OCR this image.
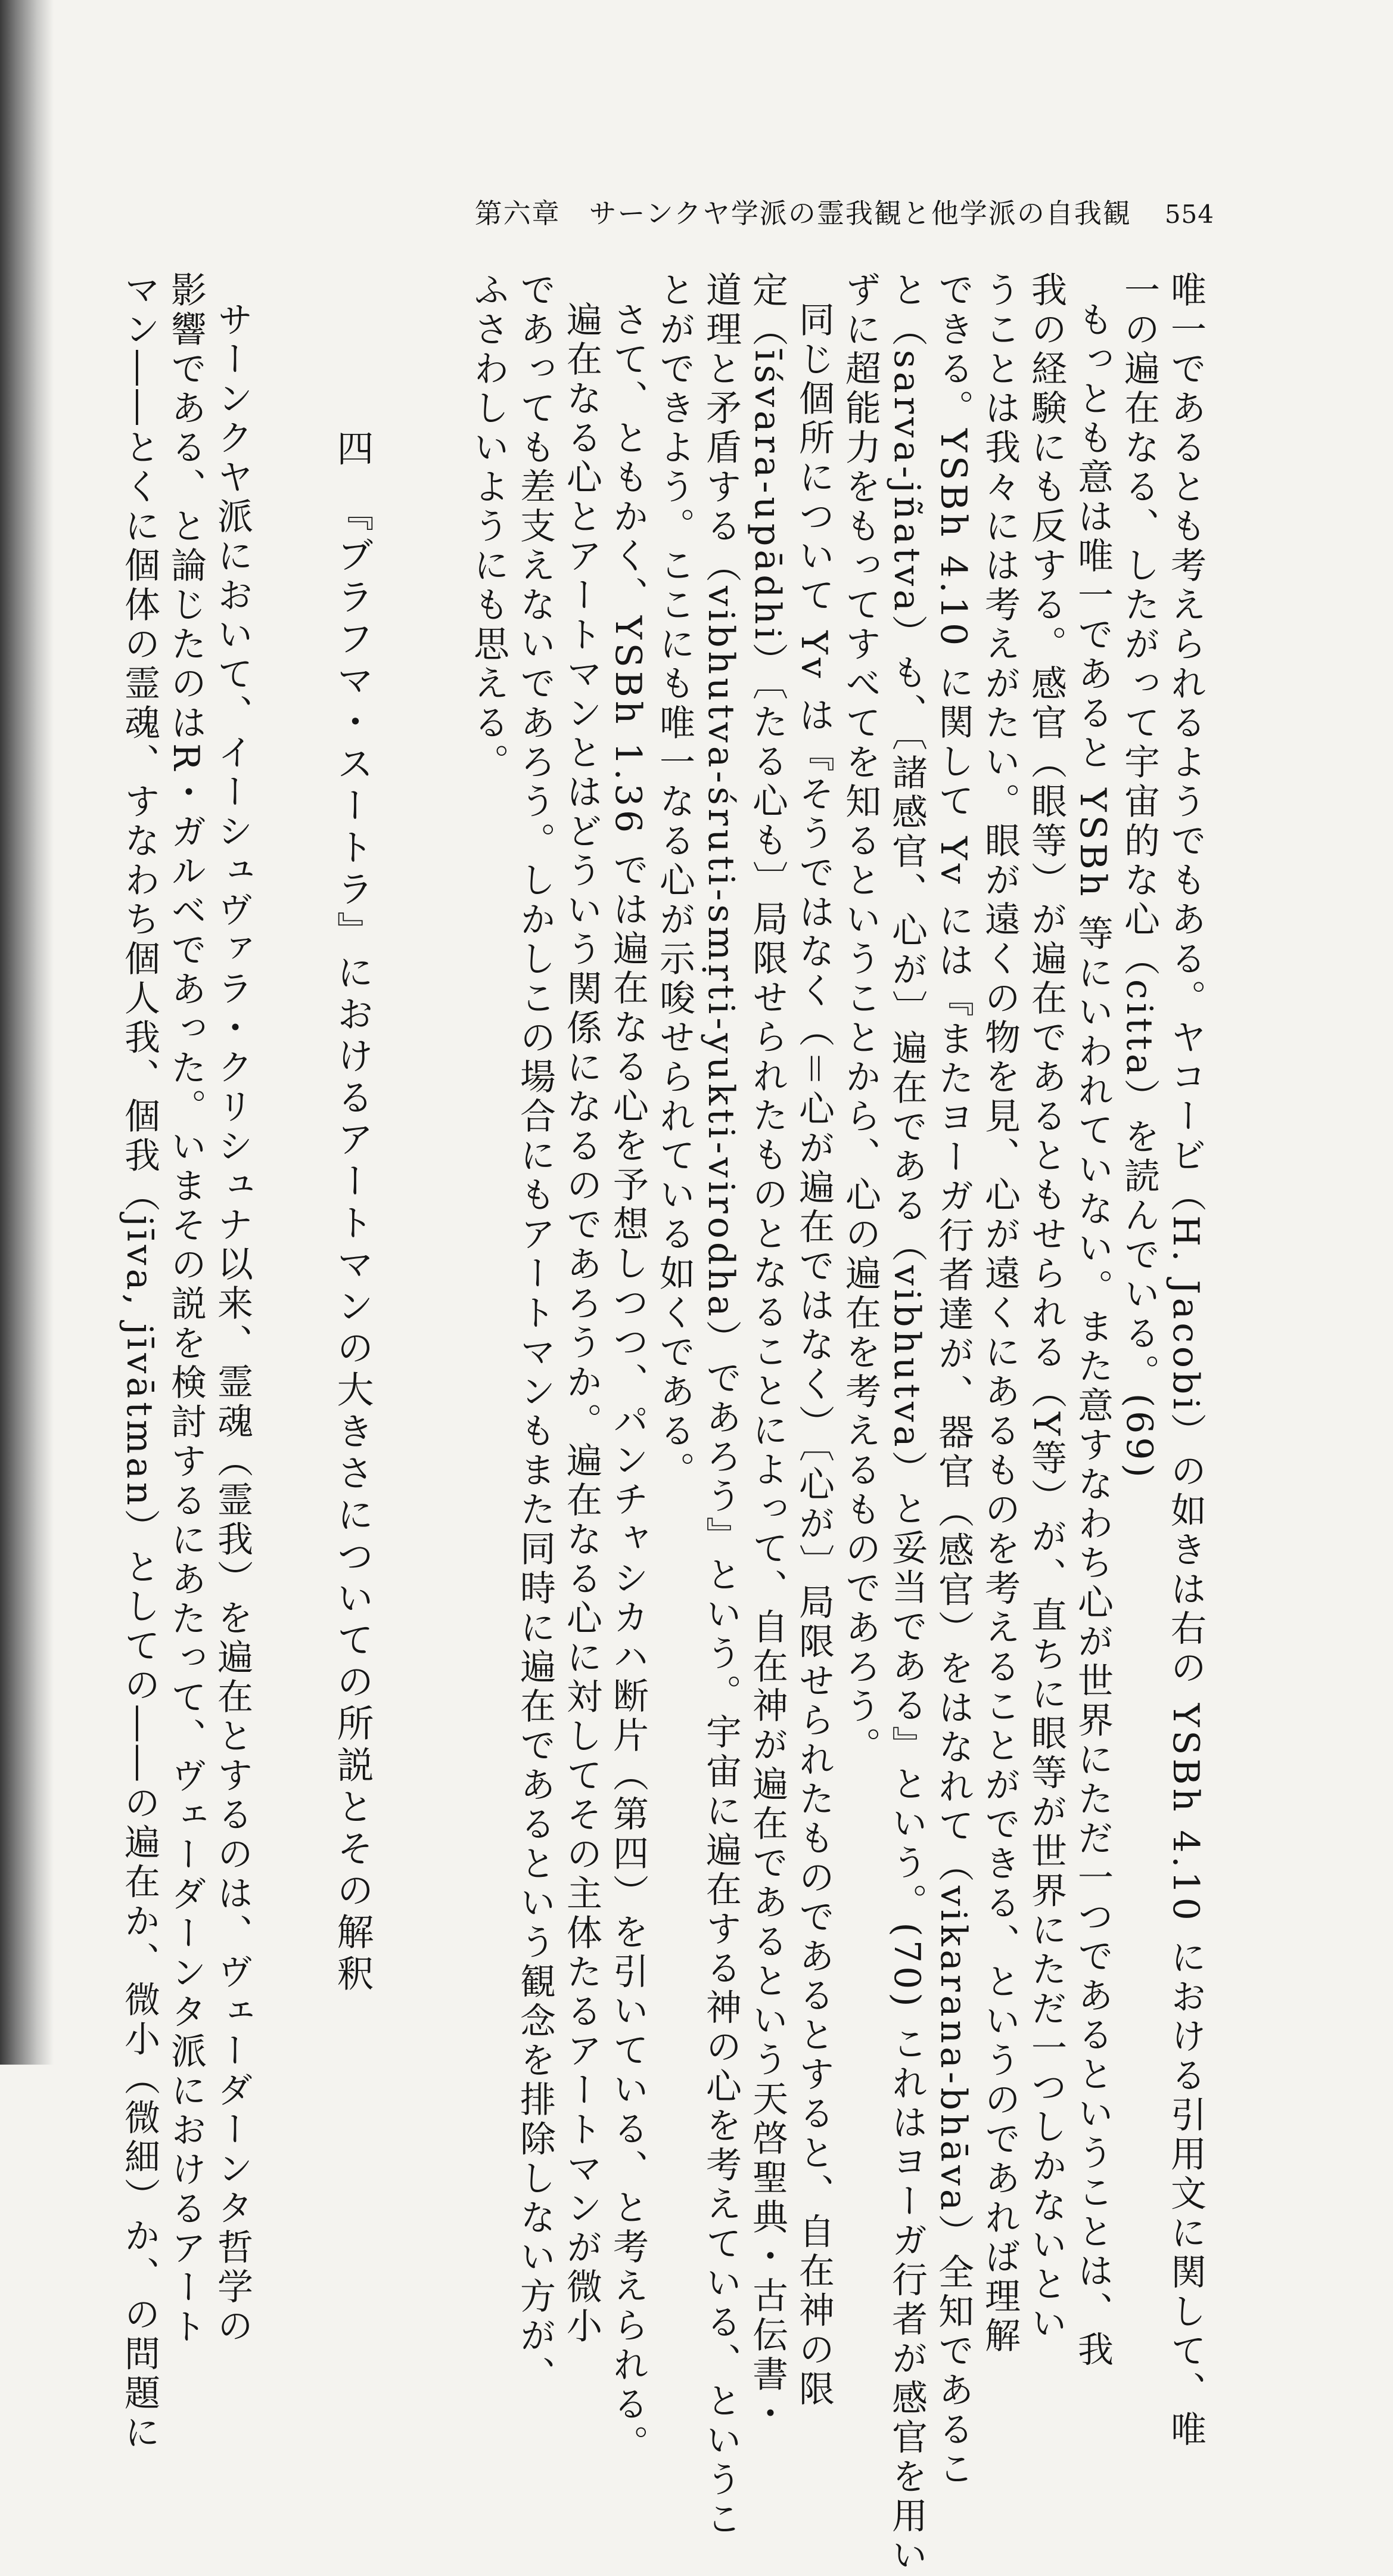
第六章　サーンクヤ学派の霊我観と他学派の自我観 554
唯一であるとも考えられるようでもある。ヤコービ（H. Jacobi）の如きは右の YSBh 4.10 における引用文に関して、唯
一の遍在なる、したがって宇宙的な心（citta）を読んでいる。(69)
もっとも意は唯一であると YSBh 等にいわれていない。また意すなわち心が世界にただ一つであるということは、我
我の経験にも反する。感官（眼等）が遍在であるともせられる（Y等）が、直ちに眼等が世界にただ一つしかないとい
うことは我々には考えがたい。眼が遠くの物を見、心が遠くにあるものを考えることができる、というのであれば理解
できる。YSBh 4.10 に関して Yv には『またヨーガ行者達が、器官（感官）をはなれて（vikarana-bhāva）全知であるこ
と（sarva-jñatva）も、〔諸感官、心が〕遍在である（vibhutva）と妥当である』という。(70) これはヨーガ行者が感官を用い
ずに超能力をもってすべてを知るということから、心の遍在を考えるものであろう。
同じ個所について Yv は『そうではなく（＝心が遍在ではなく）〔心が〕局限せられたものであるとすると、自在神の限
定（īśvara-upādhi）〔たる心も〕局限せられたものとなることによって、自在神が遍在であるという天啓聖典・古伝書・
道理と矛盾する（vibhutva-śruti-smṛti-yukti-virodha）であろう』という。宇宙に遍在する神の心を考えている、というこ
とができよう。ここにも唯一なる心が示唆せられている如くである。
さて、ともかく、YSBh 1.36 では遍在なる心を予想しつつ、パンチャシカハ断片（第四）を引いている、と考えられる。
遍在なる心とアートマンとはどういう関係になるのであろうか。遍在なる心に対してその主体たるアートマンが微小
であっても差支えないであろう。しかしこの場合にもアートマンもまた同時に遍在であるという観念を排除しない方が、
ふさわしいようにも思える。
四　『ブラフマ・スートラ』におけるアートマンの大きさについての所説とその解釈
サーンクヤ派において、イーシュヴァラ・クリシュナ以来、霊魂（霊我）を遍在とするのは、ヴェーダーンタ哲学の
影響である、と論じたのはR・ガルベであった。いまその説を検討するにあたって、ヴェーダーンタ派におけるアート
マン――とくに個体の霊魂、すなわち個人我、個我（jīva, jīvātman）としての――の遍在か、微小（微細）か、の問題に
